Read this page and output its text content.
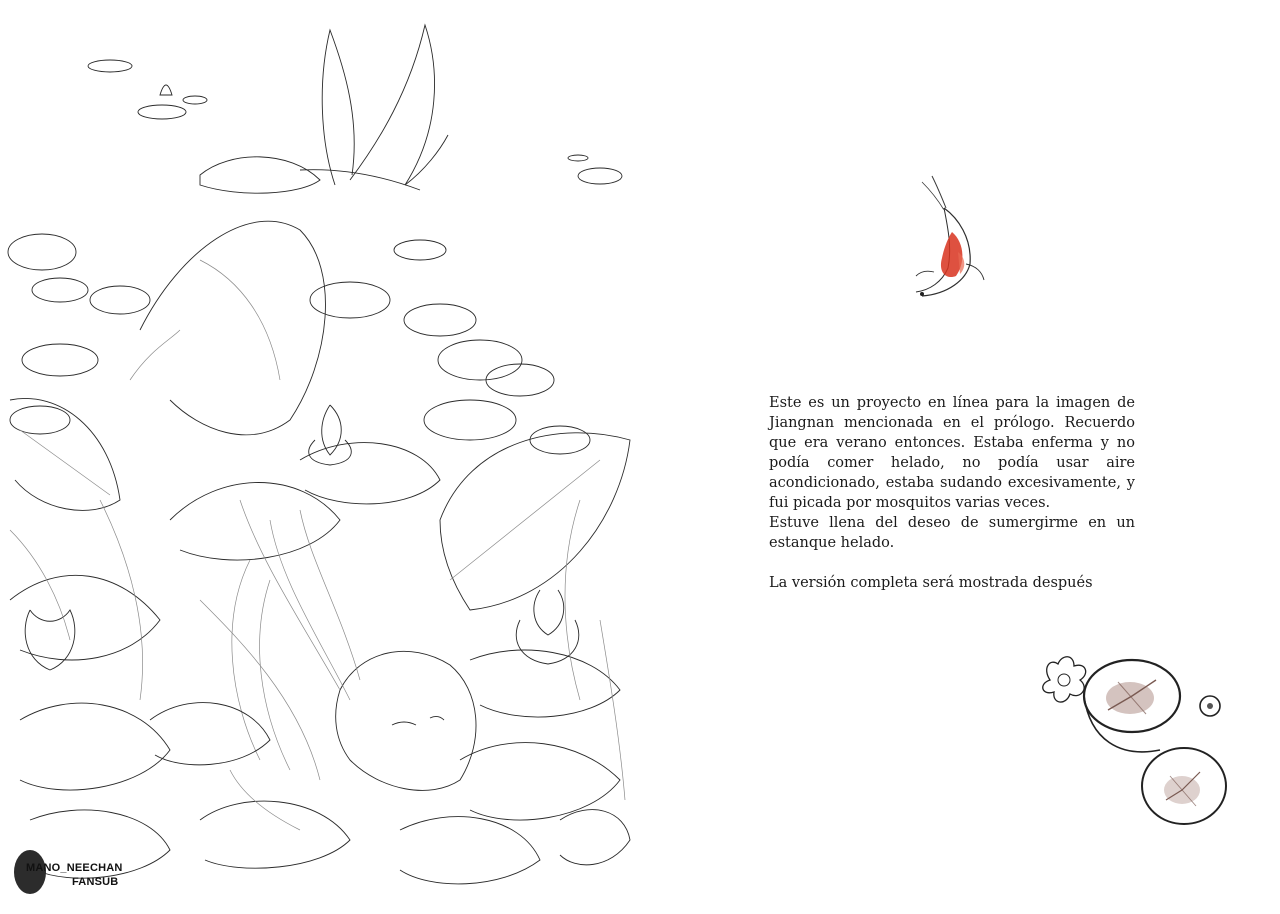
MANO_NEECHAN
FANSUB

Este es un proyecto en línea para la imagen de Jiangnan mencionada en el prólogo. Recuerdo que era verano entonces. Estaba enferma y no podía comer helado, no podía usar aire acondicionado, estaba sudando excesivamente, y fui picada por mosquitos varias veces.

Estuve llena del deseo de sumergirme en un estanque helado.

La versión completa será mostrada después
